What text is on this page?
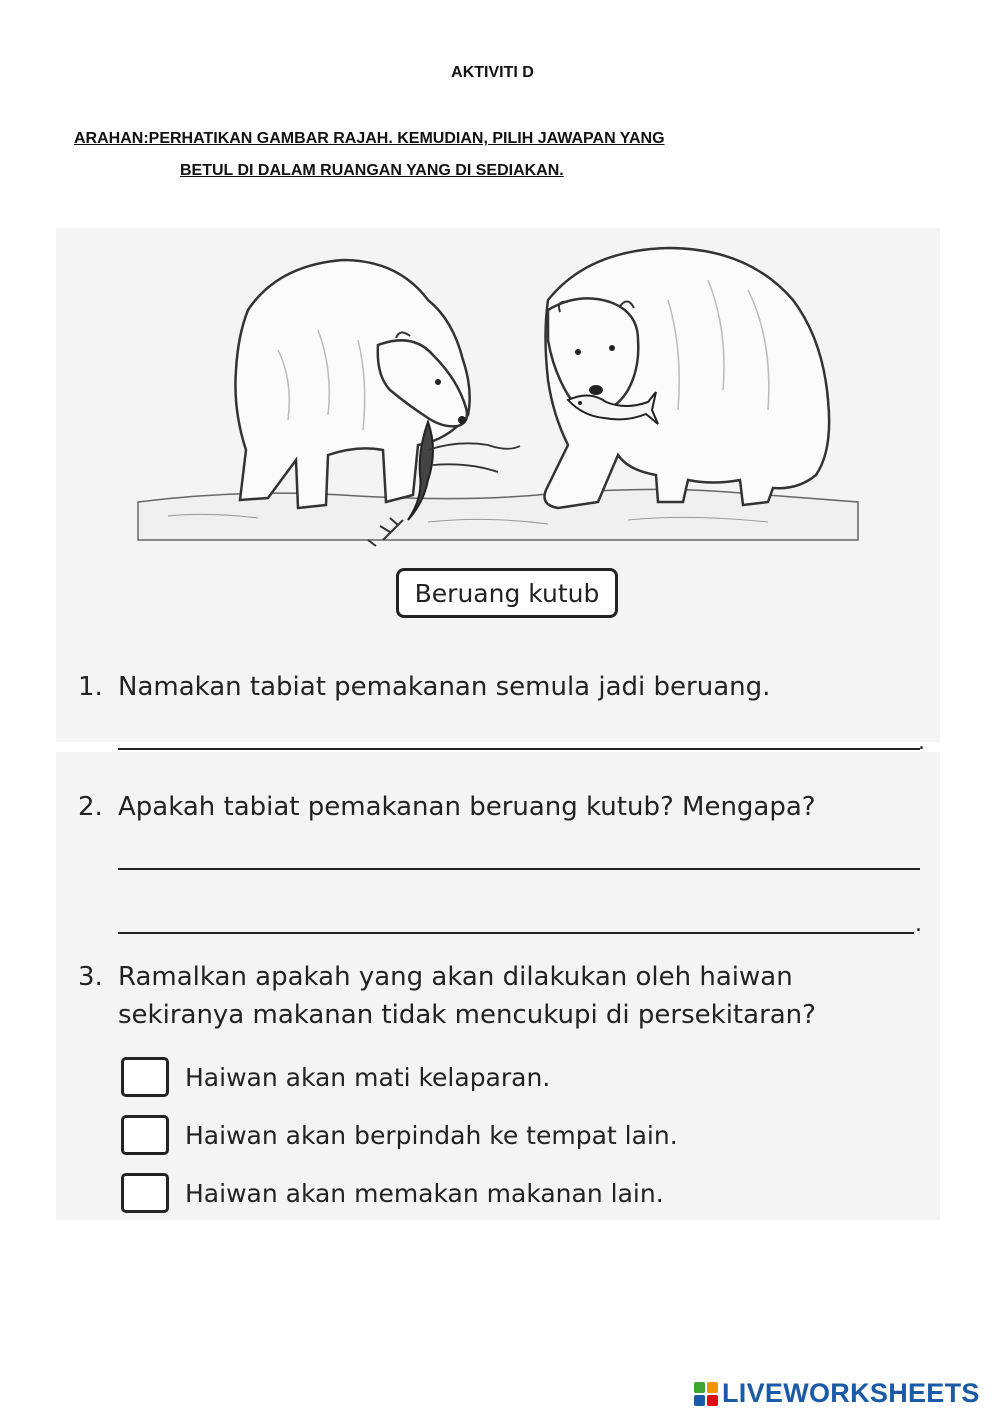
AKTIVITI D
ARAHAN:PERHATIKAN GAMBAR RAJAH. KEMUDIAN, PILIH JAWAPAN YANG
BETUL DI DALAM RUANGAN YANG DI SEDIAKAN.
Beruang kutub
1. Namakan tabiat pemakanan semula jadi beruang.
.
2. Apakah tabiat pemakanan beruang kutub? Mengapa?
.
3. Ramalkan apakah yang akan dilakukan oleh haiwan
sekiranya makanan tidak mencukupi di persekitaran?
Haiwan akan mati kelaparan.
Haiwan akan berpindah ke tempat lain.
Haiwan akan memakan makanan lain.
LIVEWORKSHEETS
